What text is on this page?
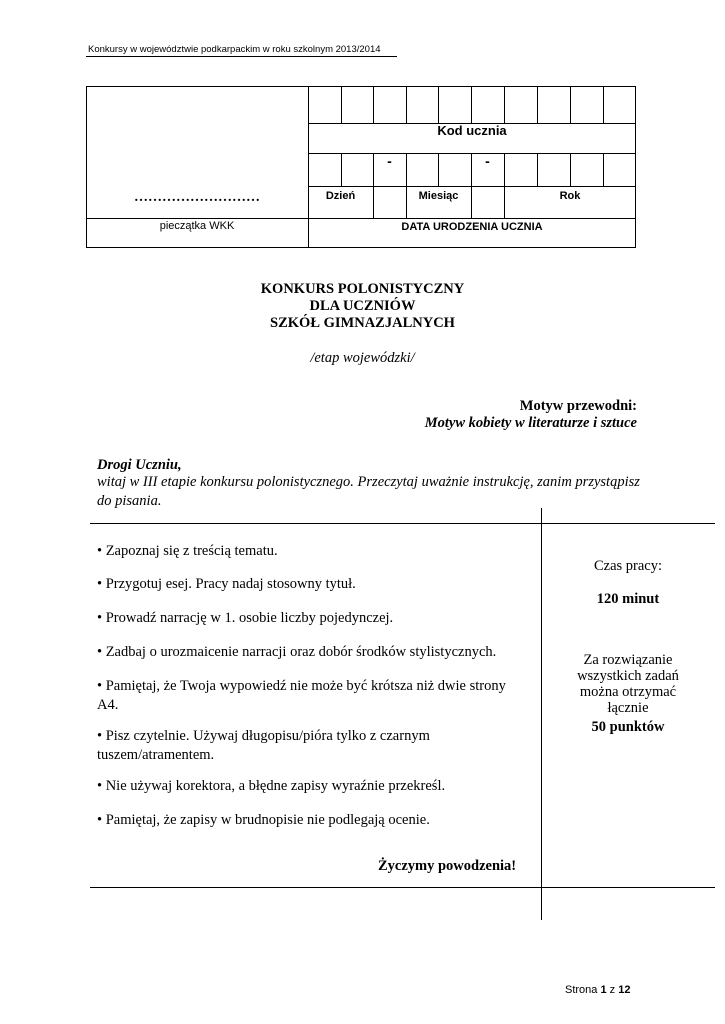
Konkursy w województwie podkarpackim w roku szkolnym 2013/2014
Kod ucznia
-	-
Dzień	Miesiąc	Rok
DATA URODZENIA UCZNIA
………………………
pieczątka WKK
KONKURS POLONISTYCZNY
DLA UCZNIÓW
SZKÓŁ GIMNAZJALNYCH
/etap wojewódzki/
Motyw przewodni:
Motyw kobiety w literaturze i sztuce
Drogi Uczniu,
witaj w III etapie konkursu polonistycznego. Przeczytaj uważnie instrukcję, zanim przystąpisz do pisania.
• Zapoznaj się z treścią tematu.
• Przygotuj esej. Pracy nadaj stosowny tytuł.
• Prowadź narrację w 1. osobie liczby pojedynczej.
• Zadbaj o urozmaicenie narracji oraz dobór środków stylistycznych.
• Pamiętaj, że Twoja wypowiedź nie może być krótsza niż dwie strony A4.
• Pisz czytelnie. Używaj długopisu/pióra tylko z czarnym tuszem/atramentem.
• Nie używaj korektora, a błędne zapisy wyraźnie przekreśl.
• Pamiętaj, że zapisy w brudnopisie nie podlegają ocenie.
Życzymy powodzenia!
Czas pracy:
120 minut
Za rozwiązanie wszystkich zadań można otrzymać łącznie
50 punktów
Strona 1 z 12
